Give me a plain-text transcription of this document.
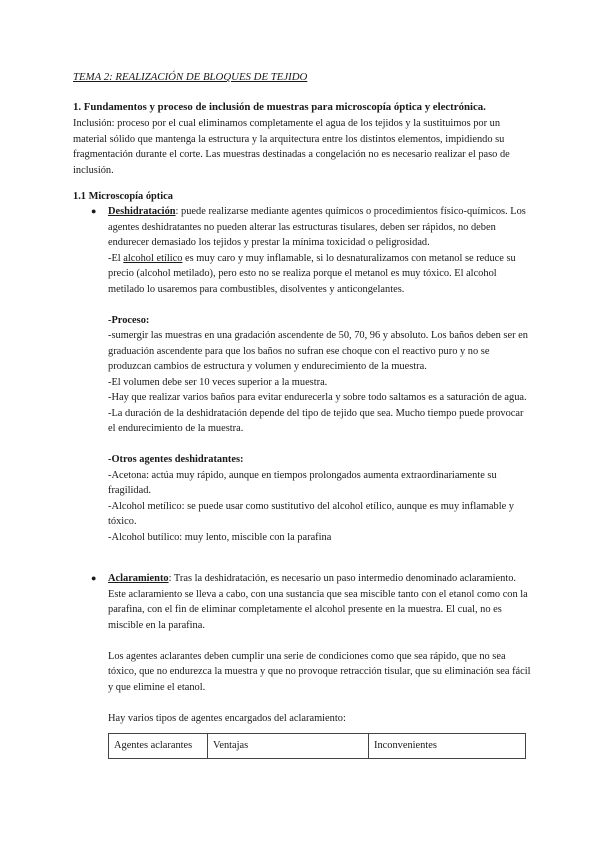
TEMA 2: REALIZACIÓN DE BLOQUES DE TEJIDO
1. Fundamentos y proceso de inclusión de muestras para microscopía óptica y electrónica.
Inclusión: proceso por el cual eliminamos completamente el agua de los tejidos y la sustituimos por un material sólido que mantenga la estructura y la arquitectura entre los distintos elementos, impidiendo su fragmentación durante el corte. Las muestras destinadas a congelación no es necesario realizar el paso de inclusión.
1.1 Microscopía óptica
● Deshidratación: puede realizarse mediante agentes químicos o procedimientos físico-químicos. Los agentes deshidratantes no pueden alterar las estructuras tisulares, deben ser rápidos, no deben endurecer demasiado los tejidos y prestar la mínima toxicidad o peligrosidad.
-El alcohol etílico es muy caro y muy inflamable, si lo desnaturalizamos con metanol se reduce su precio (alcohol metilado), pero esto no se realiza porque el metanol es muy tóxico. El alcohol metilado lo usaremos para combustibles, disolventes y anticongelantes.
-Proceso:
-sumergir las muestras en una gradación ascendente de 50, 70, 96 y absoluto. Los baños deben ser en graduación ascendente para que los baños no sufran ese choque con el reactivo puro y no se produzcan cambios de estructura y volumen y endurecimiento de la muestra.
-El volumen debe ser 10 veces superior a la muestra.
-Hay que realizar varios baños para evitar endurecerla y sobre todo saltamos es a saturación de agua.
-La duración de la deshidratación depende del tipo de tejido que sea. Mucho tiempo puede provocar el endurecimiento de la muestra.
-Otros agentes deshidratantes:
-Acetona: actúa muy rápido, aunque en tiempos prolongados aumenta extraordinariamente su fragilidad.
-Alcohol metílico: se puede usar como sustitutivo del alcohol etílico, aunque es muy inflamable y tóxico.
-Alcohol butílico: muy lento, miscible con la parafina
● Aclaramiento: Tras la deshidratación, es necesario un paso intermedio denominado aclaramiento. Este aclaramiento se lleva a cabo, con una sustancia que sea miscible tanto con el etanol como con la parafina, con el fin de eliminar completamente el alcohol presente en la muestra. El cual, no es miscible en la parafina.
Los agentes aclarantes deben cumplir una serie de condiciones como que sea rápido, que no sea tóxico, que no endurezca la muestra y que no provoque retracción tisular, que su eliminación sea fácil y que elimine el etanol.
Hay varios tipos de agentes encargados del aclaramiento:
Agentes aclarantes	Ventajas	Inconvenientes
